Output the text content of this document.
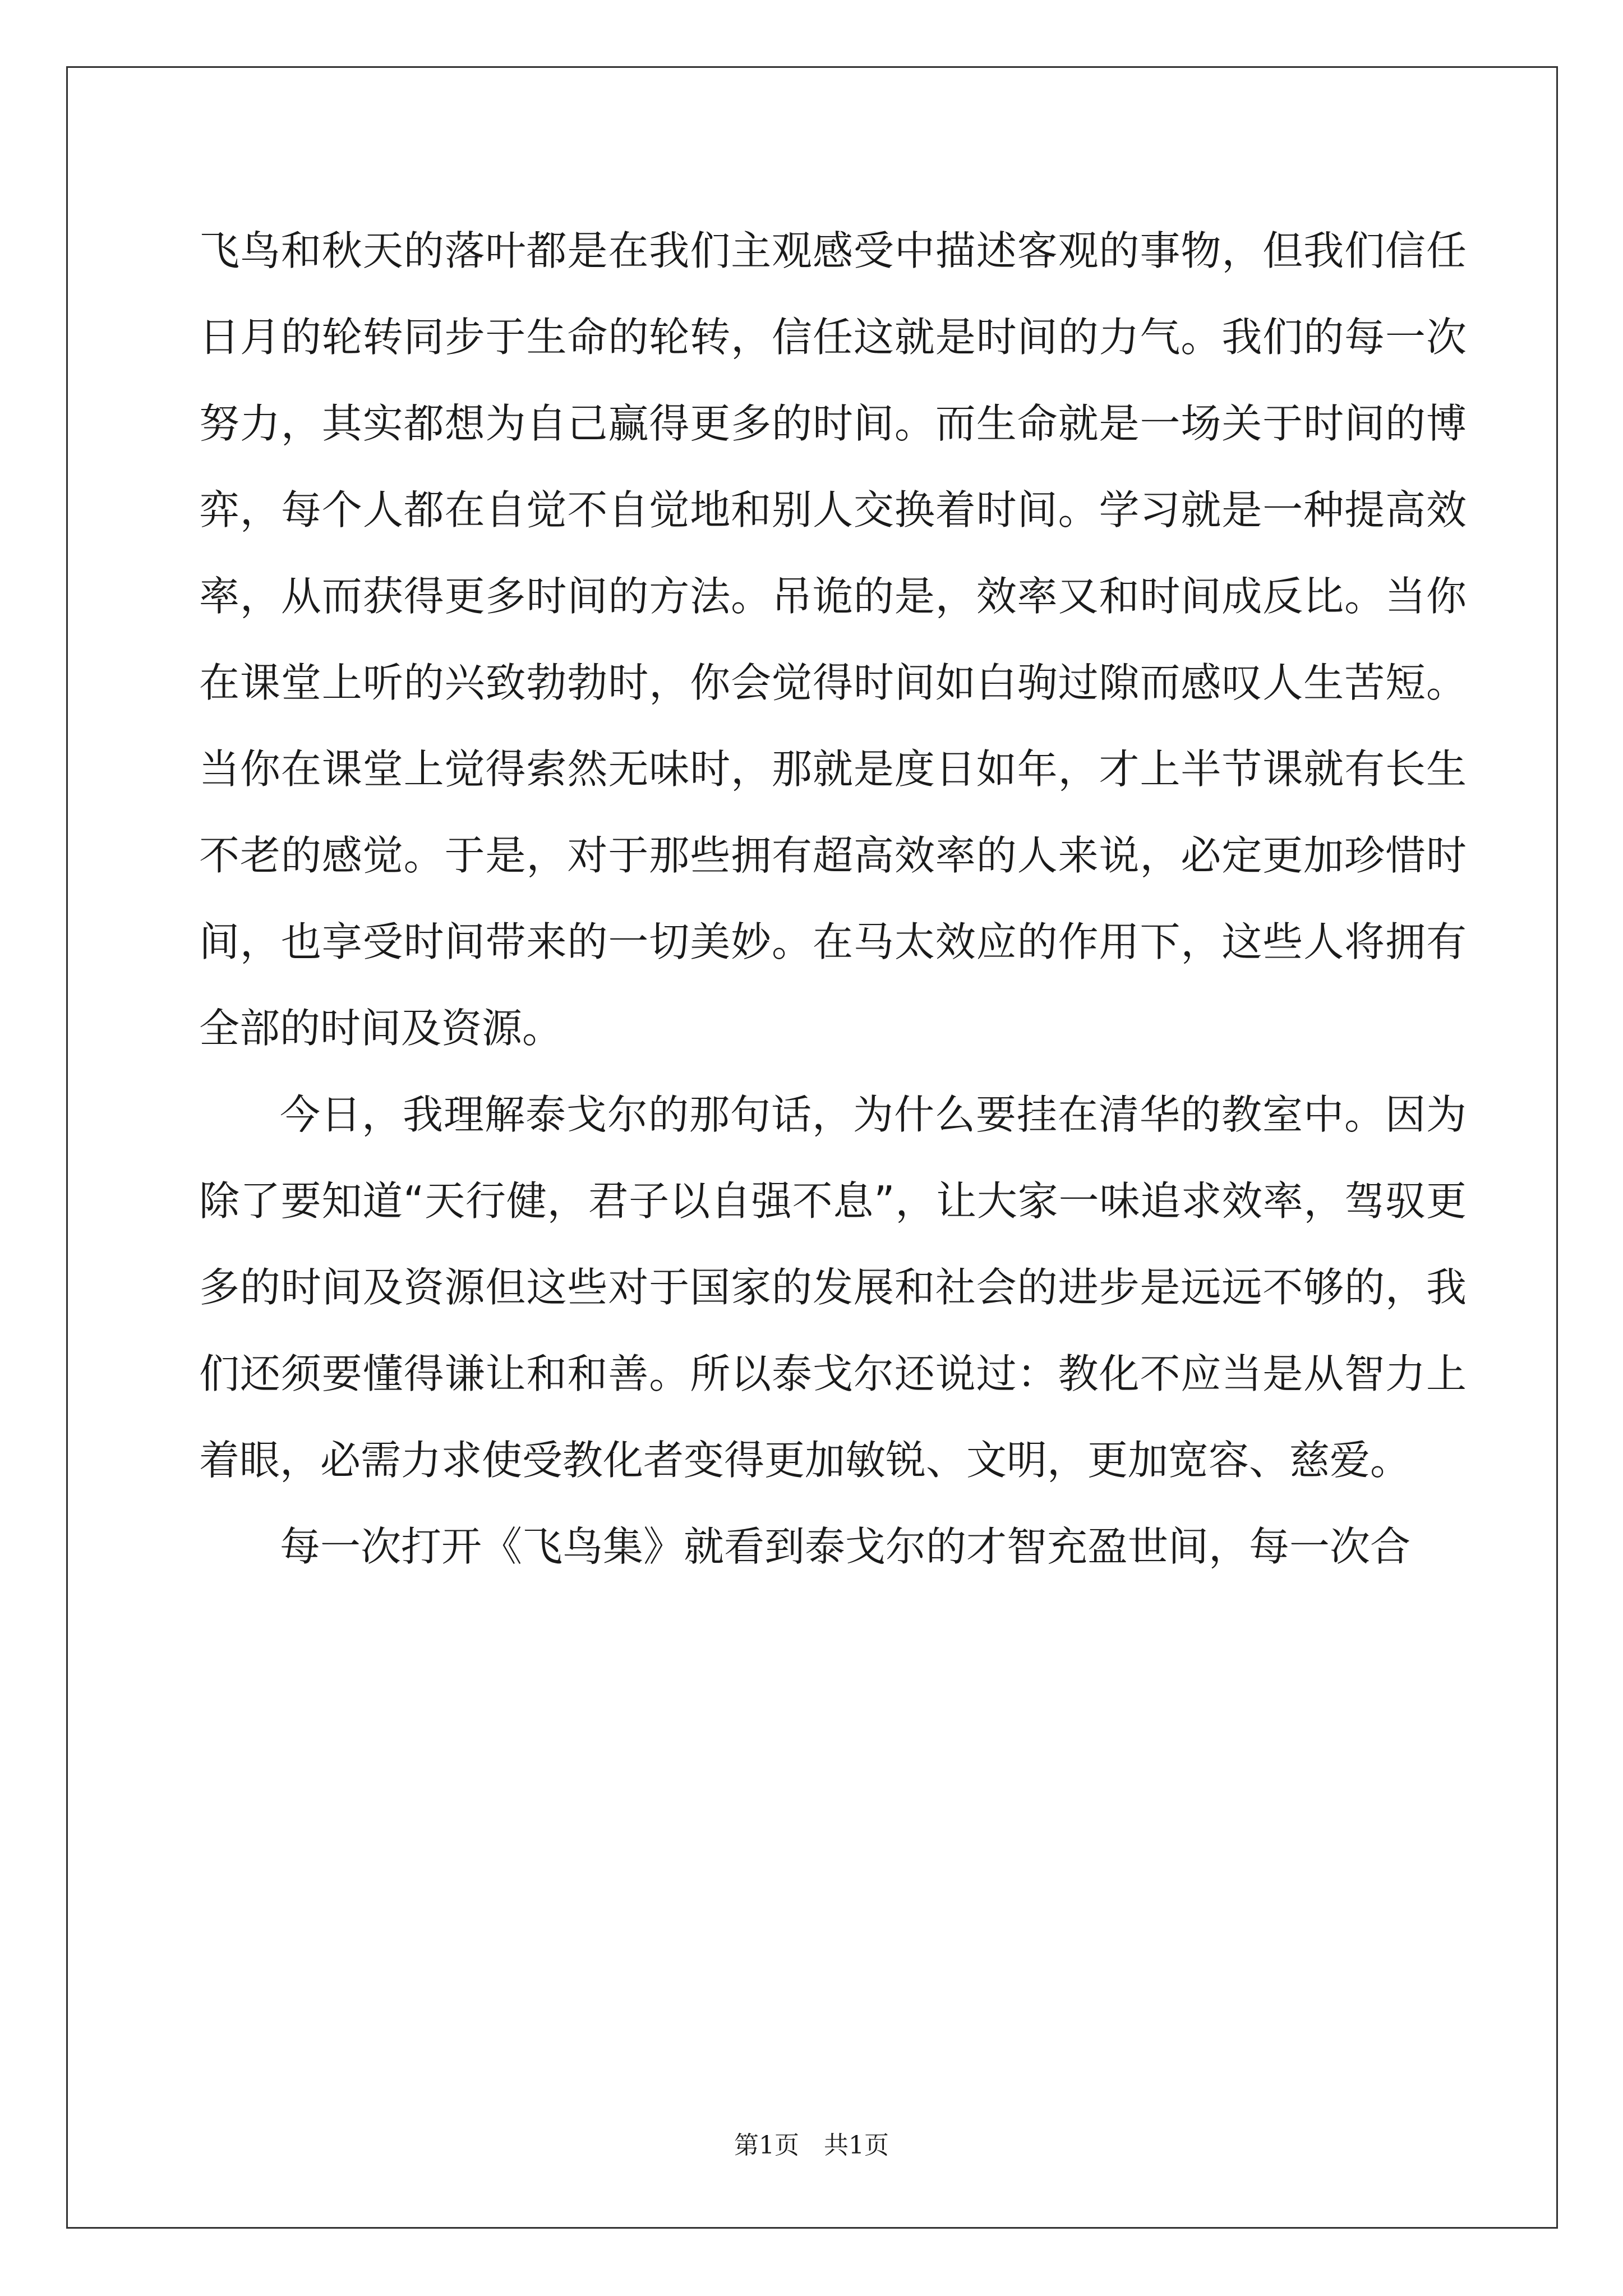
飞鸟和秋天的落叶都是在我们主观感受中描述客观的事物，但我们信任日月的轮转同步于生命的轮转，信任这就是时间的力气。我们的每一次努力，其实都想为自己赢得更多的时间。而生命就是一场关于时间的博弈，每个人都在自觉不自觉地和别人交换着时间。学习就是一种提高效率，从而获得更多时间的方法。吊诡的是，效率又和时间成反比。当你在课堂上听的兴致勃勃时，你会觉得时间如白驹过隙而感叹人生苦短。当你在课堂上觉得索然无味时，那就是度日如年，才上半节课就有长生不老的感觉。于是，对于那些拥有超高效率的人来说，必定更加珍惜时间，也享受时间带来的一切美妙。在马太效应的作用下，这些人将拥有全部的时间及资源。

今日，我理解泰戈尔的那句话，为什么要挂在清华的教室中。因为除了要知道“天行健，君子以自强不息”，让大家一味追求效率，驾驭更多的时间及资源但这些对于国家的发展和社会的进步是远远不够的，我们还须要懂得谦让和和善。所以泰戈尔还说过：教化不应当是从智力上着眼，必需力求使受教化者变得更加敏锐、文明，更加宽容、慈爱。

每一次打开《飞鸟集》就看到泰戈尔的才智充盈世间，每一次合

第1页　共1页
